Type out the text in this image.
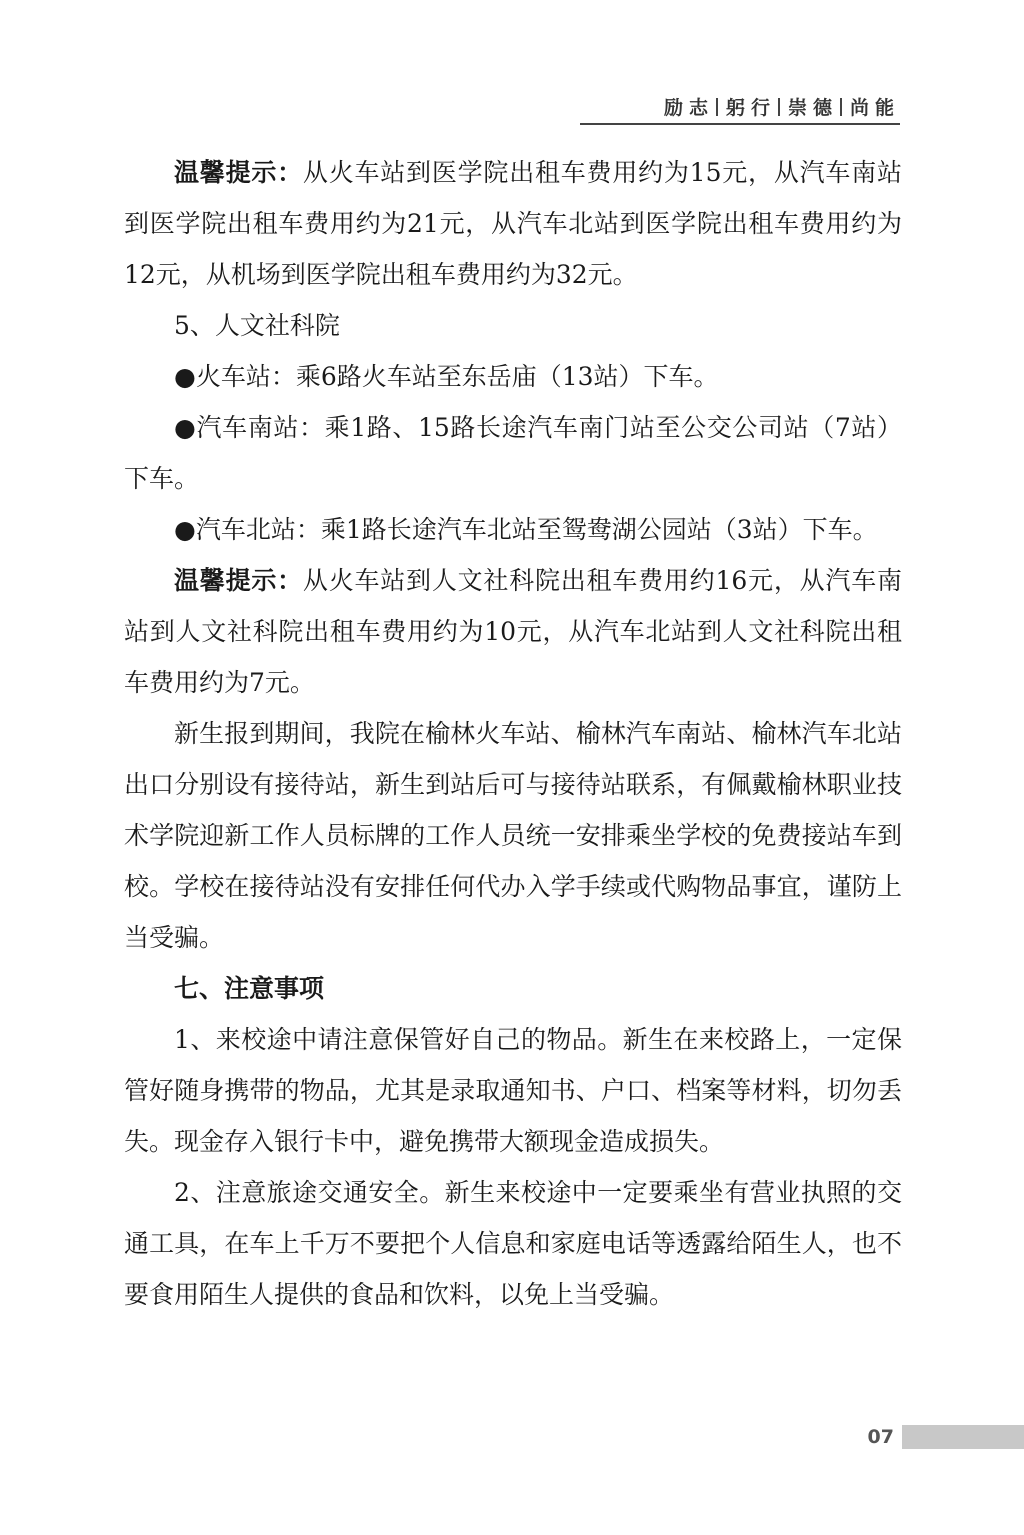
励志 躬行 崇德 尚能

温馨提示：从火车站到医学院出租车费用约为15元，从汽车南站到医学院出租车费用约为21元，从汽车北站到医学院出租车费用约为12元，从机场到医学院出租车费用约为32元。

5、人文社科院

●火车站：乘6路火车站至东岳庙（13站）下车。

●汽车南站：乘1路、15路长途汽车南门站至公交公司站（7站）下车。

●汽车北站：乘1路长途汽车北站至鸳鸯湖公园站（3站）下车。

温馨提示：从火车站到人文社科院出租车费用约16元，从汽车南站到人文社科院出租车费用约为10元，从汽车北站到人文社科院出租车费用约为7元。

新生报到期间，我院在榆林火车站、榆林汽车南站、榆林汽车北站出口分别设有接待站，新生到站后可与接待站联系，有佩戴榆林职业技术学院迎新工作人员标牌的工作人员统一安排乘坐学校的免费接站车到校。学校在接待站没有安排任何代办入学手续或代购物品事宜，谨防上当受骗。

七、注意事项

1、来校途中请注意保管好自己的物品。新生在来校路上，一定保管好随身携带的物品，尤其是录取通知书、户口、档案等材料，切勿丢失。现金存入银行卡中，避免携带大额现金造成损失。

2、注意旅途交通安全。新生来校途中一定要乘坐有营业执照的交通工具，在车上千万不要把个人信息和家庭电话等透露给陌生人，也不要食用陌生人提供的食品和饮料，以免上当受骗。

07
